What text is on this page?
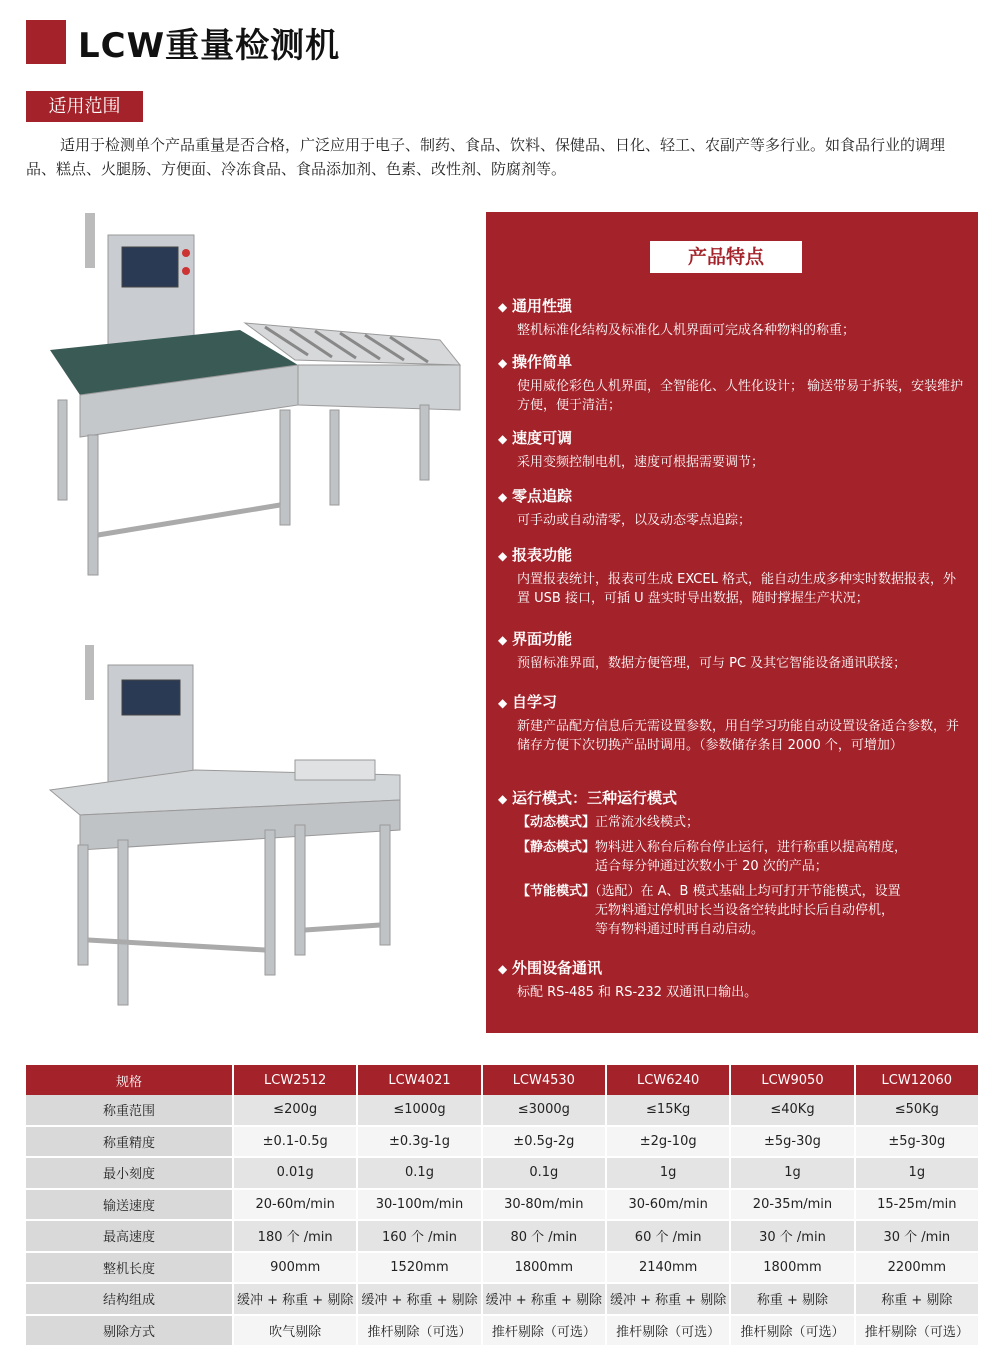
LCW重量检测机
适用范围
适用于检测单个产品重量是否合格，广泛应用于电子、制药、食品、饮料、保健品、日化、轻工、农副产等多行业。如食品行业的调理品、糕点、火腿肠、方便面、冷冻食品、食品添加剂、色素、改性剂、防腐剂等。
产品特点
◆ 通用性强
整机标准化结构及标准化人机界面可完成各种物料的称重；
◆ 操作简单
使用威伦彩色人机界面，全智能化、人性化设计； 输送带易于拆装，安装维护方便，便于清洁；
◆ 速度可调
采用变频控制电机，速度可根据需要调节；
◆ 零点追踪
可手动或自动清零，以及动态零点追踪；
◆ 报表功能
内置报表统计，报表可生成 EXCEL 格式，能自动生成多种实时数据报表，外置 USB 接口，可插 U 盘实时导出数据，随时撑握生产状况；
◆ 界面功能
预留标准界面，数据方便管理，可与 PC 及其它智能设备通讯联接；
◆ 自学习
新建产品配方信息后无需设置参数，用自学习功能自动设置设备适合参数，并储存方便下次切换产品时调用。（参数储存条目 2000 个，可增加）
◆ 运行模式：三种运行模式
【动态模式】正常流水线模式；
【静态模式】物料进入称台后称台停止运行，进行称重以提高精度，
适合每分钟通过次数小于 20 次的产品；
【节能模式】（选配）在 A、B 模式基础上均可打开节能模式，设置
无物料通过停机时长当设备空转此时长后自动停机，
等有物料通过时再自动启动。
◆ 外围设备通讯
标配 RS-485 和 RS-232 双通讯口输出。
规格	LCW2512	LCW4021	LCW4530	LCW6240	LCW9050	LCW12060
称重范围	≤200g	≤1000g	≤3000g	≤15Kg	≤40Kg	≤50Kg
称重精度	±0.1-0.5g	±0.3g-1g	±0.5g-2g	±2g-10g	±5g-30g	±5g-30g
最小刻度	0.01g	0.1g	0.1g	1g	1g	1g
输送速度	20-60m/min	30-100m/min	30-80m/min	30-60m/min	20-35m/min	15-25m/min
最高速度	180 个 /min	160 个 /min	80 个 /min	60 个 /min	30 个 /min	30 个 /min
整机长度	900mm	1520mm	1800mm	2140mm	1800mm	2200mm
结构组成	缓冲 + 称重 + 剔除	缓冲 + 称重 + 剔除	缓冲 + 称重 + 剔除	缓冲 + 称重 + 剔除	称重 + 剔除	称重 + 剔除
剔除方式	吹气剔除	推杆剔除（可选）	推杆剔除（可选）	推杆剔除（可选）	推杆剔除（可选）	推杆剔除（可选）
